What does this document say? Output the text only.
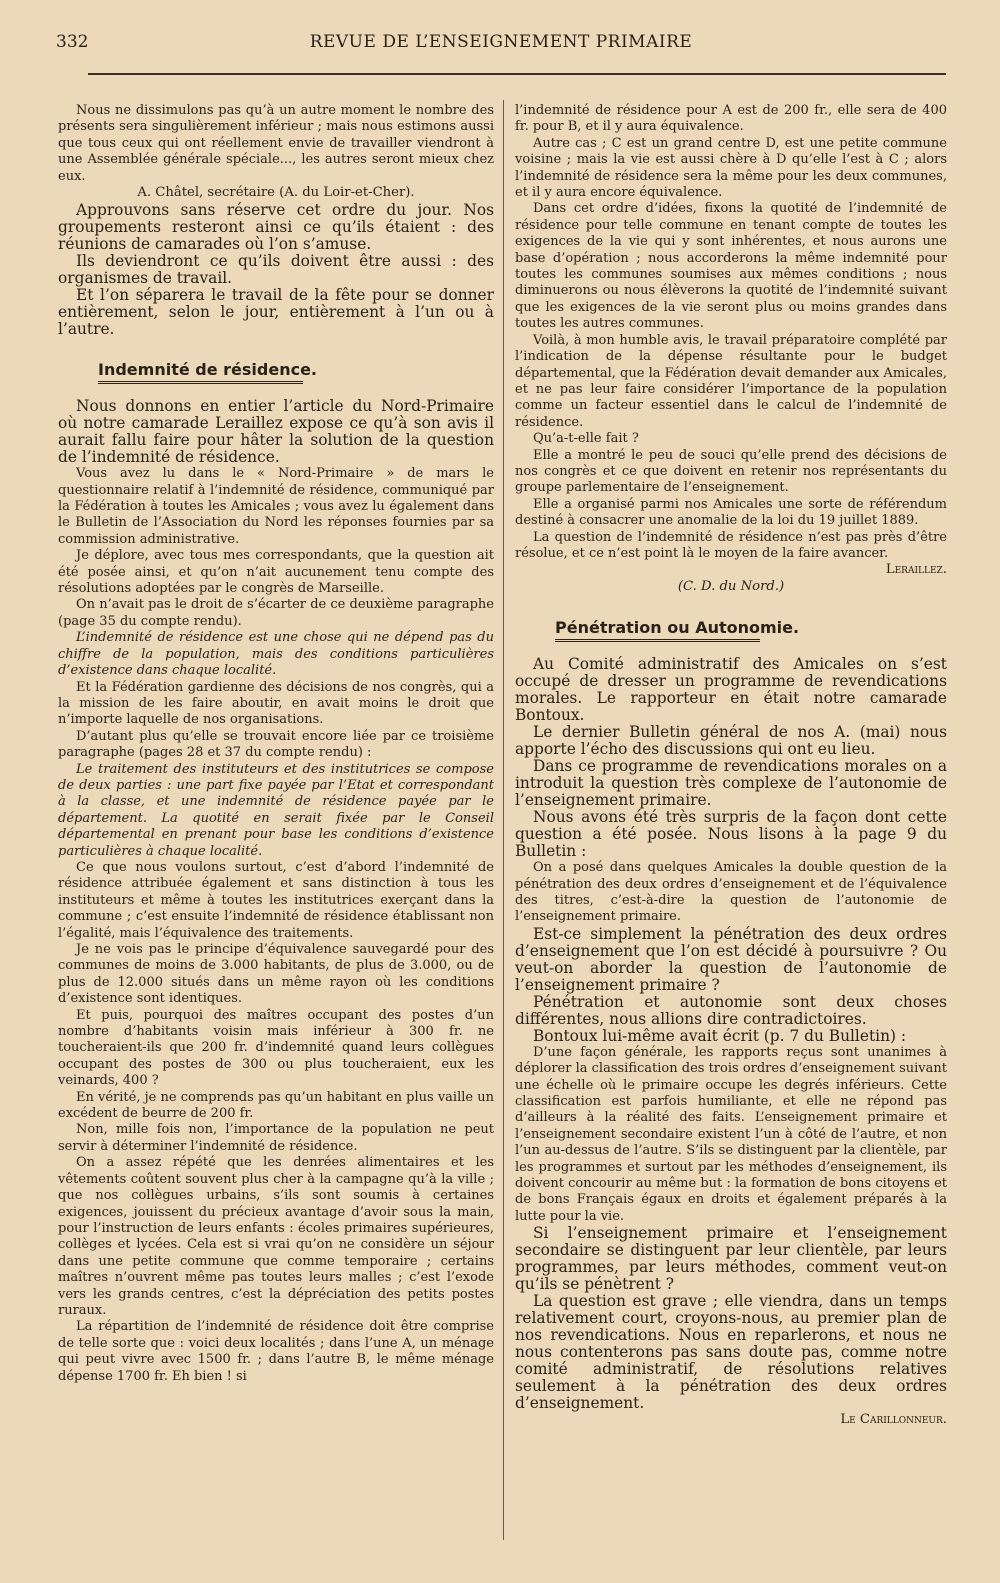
332	REVUE DE L’ENSEIGNEMENT PRIMAIRE

Nous ne dissimulons pas qu’à un autre moment le nombre des présents sera singulièrement inférieur ; mais nous estimons aussi que tous ceux qui ont réellement envie de travailler viendront à une Assemblée générale spéciale..., les autres seront mieux chez eux.

A. Châtel, secrétaire (A. du Loir-et-Cher).

Approuvons sans réserve cet ordre du jour. Nos groupements resteront ainsi ce qu’ils étaient : des réunions de camarades où l’on s’amuse.

Ils deviendront ce qu’ils doivent être aussi : des organismes de travail.

Et l’on séparera le travail de la fête pour se donner entièrement, selon le jour, entièrement à l’un ou à l’autre.

Indemnité de résidence.

Nous donnons en entier l’article du Nord-Primaire où notre camarade Leraillez expose ce qu’à son avis il aurait fallu faire pour hâter la solution de la question de l’indemnité de résidence.

Vous avez lu dans le « Nord-Primaire » de mars le questionnaire relatif à l’indemnité de résidence, communiqué par la Fédération à toutes les Amicales ; vous avez lu également dans le Bulletin de l’Association du Nord les réponses fournies par sa commission administrative.

Je déplore, avec tous mes correspondants, que la question ait été posée ainsi, et qu’on n’ait aucunement tenu compte des résolutions adoptées par le congrès de Marseille.

On n’avait pas le droit de s’écarter de ce deuxième paragraphe (page 35 du compte rendu).

L’indemnité de résidence est une chose qui ne dépend pas du chiffre de la population, mais des conditions particulières d’existence dans chaque localité.

Et la Fédération gardienne des décisions de nos congrès, qui a la mission de les faire aboutir, en avait moins le droit que n’importe laquelle de nos organisations.

D’autant plus qu’elle se trouvait encore liée par ce troisième paragraphe (pages 28 et 37 du compte rendu) :

Le traitement des instituteurs et des institutrices se compose de deux parties : une part fixe payée par l’Etat et correspondant à la classe, et une indemnité de résidence payée par le département. La quotité en serait fixée par le Conseil départemental en prenant pour base les conditions d’existence particulières à chaque localité.

Ce que nous voulons surtout, c’est d’abord l’indemnité de résidence attribuée également et sans distinction à tous les instituteurs et même à toutes les institutrices exerçant dans la commune ; c’est ensuite l’indemnité de résidence établissant non l’égalité, mais l’équivalence des traitements.

Je ne vois pas le principe d’équivalence sauvegardé pour des communes de moins de 3.000 habitants, de plus de 3.000, ou de plus de 12.000 situés dans un même rayon où les conditions d’existence sont identiques.

Et puis, pourquoi des maîtres occupant des postes d’un nombre d’habitants voisin mais inférieur à 300 fr. ne toucheraient-ils que 200 fr. d’indemnité quand leurs collègues occupant des postes de 300 ou plus toucheraient, eux les veinards, 400 ?

En vérité, je ne comprends pas qu’un habitant en plus vaille un excédent de beurre de 200 fr.

Non, mille fois non, l’importance de la population ne peut servir à déterminer l’indemnité de résidence.

On a assez répété que les denrées alimentaires et les vêtements coûtent souvent plus cher à la campagne qu’à la ville ; que nos collègues urbains, s’ils sont soumis à certaines exigences, jouissent du précieux avantage d’avoir sous la main, pour l’instruction de leurs enfants : écoles primaires supérieures, collèges et lycées. Cela est si vrai qu’on ne considère un séjour dans une petite commune que comme temporaire ; certains maîtres n’ouvrent même pas toutes leurs malles ; c’est l’exode vers les grands centres, c’est la dépréciation des petits postes ruraux.

La répartition de l’indemnité de résidence doit être comprise de telle sorte que : voici deux localités ; dans l’une A, un ménage qui peut vivre avec 1500 fr. ; dans l’autre B, le même ménage dépense 1700 fr. Eh bien ! si

l’indemnité de résidence pour A est de 200 fr., elle sera de 400 fr. pour B, et il y aura équivalence.

Autre cas ; C est un grand centre D, est une petite commune voisine ; mais la vie est aussi chère à D qu’elle l’est à C ; alors l’indemnité de résidence sera la même pour les deux communes, et il y aura encore équivalence.

Dans cet ordre d’idées, fixons la quotité de l’indemnité de résidence pour telle commune en tenant compte de toutes les exigences de la vie qui y sont inhérentes, et nous aurons une base d’opération ; nous accorderons la même indemnité pour toutes les communes soumises aux mêmes conditions ; nous diminuerons ou nous élèverons la quotité de l’indemnité suivant que les exigences de la vie seront plus ou moins grandes dans toutes les autres communes.

Voilà, à mon humble avis, le travail préparatoire complété par l’indication de la dépense résultante pour le budget départemental, que la Fédération devait demander aux Amicales, et ne pas leur faire considérer l’importance de la population comme un facteur essentiel dans le calcul de l’indemnité de résidence.

Qu’a-t-elle fait ?

Elle a montré le peu de souci qu’elle prend des décisions de nos congrès et ce que doivent en retenir nos représentants du groupe parlementaire de l’enseignement.

Elle a organisé parmi nos Amicales une sorte de référendum destiné à consacrer une anomalie de la loi du 19 juillet 1889.

La question de l’indemnité de résidence n’est pas près d’être résolue, et ce n’est point là le moyen de la faire avancer.

Leraillez.

(C. D. du Nord.)

Pénétration ou Autonomie.

Au Comité administratif des Amicales on s’est occupé de dresser un programme de revendications morales. Le rapporteur en était notre camarade Bontoux.

Le dernier Bulletin général de nos A. (mai) nous apporte l’écho des discussions qui ont eu lieu.

Dans ce programme de revendications morales on a introduit la question très complexe de l’autonomie de l’enseignement primaire.

Nous avons été très surpris de la façon dont cette question a été posée. Nous lisons à la page 9 du Bulletin :

On a posé dans quelques Amicales la double question de la pénétration des deux ordres d’enseignement et de l’équivalence des titres, c’est-à-dire la question de l’autonomie de l’enseignement primaire.

Est-ce simplement la pénétration des deux ordres d’enseignement que l’on est décidé à poursuivre ? Ou veut-on aborder la question de l’autonomie de l’enseignement primaire ?

Pénétration et autonomie sont deux choses différentes, nous allions dire contradictoires.

Bontoux lui-même avait écrit (p. 7 du Bulletin) :

D’une façon générale, les rapports reçus sont unanimes à déplorer la classification des trois ordres d’enseignement suivant une échelle où le primaire occupe les degrés inférieurs. Cette classification est parfois humiliante, et elle ne répond pas d’ailleurs à la réalité des faits. L’enseignement primaire et l’enseignement secondaire existent l’un à côté de l’autre, et non l’un au-dessus de l’autre. S’ils se distinguent par la clientèle, par les programmes et surtout par les méthodes d’enseignement, ils doivent concourir au même but : la formation de bons citoyens et de bons Français égaux en droits et également préparés à la lutte pour la vie.

Si l’enseignement primaire et l’enseignement secondaire se distinguent par leur clientèle, par leurs programmes, par leurs méthodes, comment veut-on qu’ils se pénètrent ?

La question est grave ; elle viendra, dans un temps relativement court, croyons-nous, au premier plan de nos revendications. Nous en reparlerons, et nous ne nous contenterons pas sans doute pas, comme notre comité administratif, de résolutions relatives seulement à la pénétration des deux ordres d’enseignement.

Le Carillonneur.
